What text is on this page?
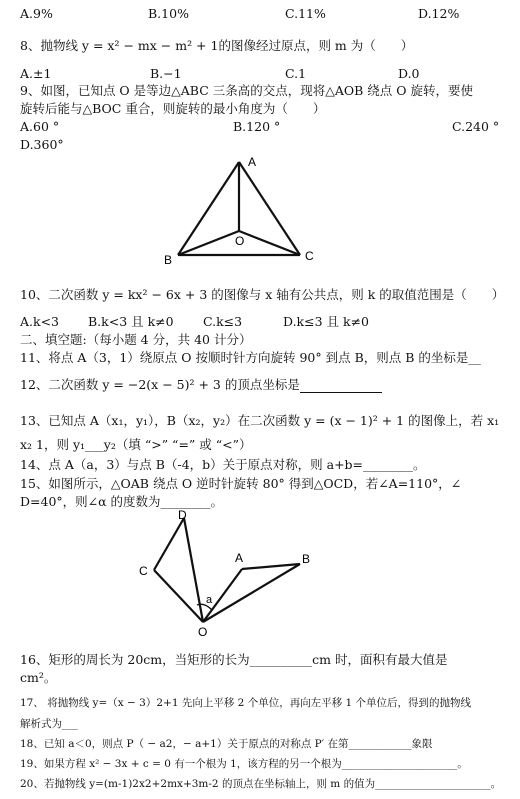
A.9%	B.10%	C.11%	D.12%
8、抛物线 y = x² − mx − m² + 1的图像经过原点，则 m 为（　　）
A.±1	B.−1	C.1	D.0
9、如图，已知点 O 是等边△ABC 三条高的交点，现将△AOB 绕点 O 旋转，要使
旋转后能与△BOC 重合，则旋转的最小角度为（　　）
A.60 °	B.120 °	C.240 °
D.360°
A
O
B	C
10、二次函数 y = kx² − 6x + 3 的图像与 x 轴有公共点，则 k 的取值范围是（　　）
A.k<3 B.k<3 且 k≠0 C.k≤3	D.k≤3 且 k≠0
二、填空题:（每小题 4 分，共 40 计分）
11、将点 A（3，1）绕原点 O 按顺时针方向旋转 90° 到点 B，则点 B 的坐标是__
12、二次函数 y = −2(x − 5)² + 3 的顶点坐标是
13、已知点 A（x₁，y₁），B（x₂，y₂）在二次函数 y = (x − 1)² + 1 的图像上，若 x₁
x₂ 1，则 y₁___y₂（填 “>” “=” 或 “<”）
14、点 A（a，3）与点 B（-4，b）关于原点对称，则 a+b=________。
15、如图所示，△OAB 绕点 O 逆时针旋转 80° 得到△OCD，若∠A=110°，∠
D=40°，则∠α 的度数为________。
D
C
A	B
a
O
16、矩形的周长为 20cm，当矩形的长为__________cm 时，面积有最大值是
cm²。
17、 将抛物线 y=（x − 3）2+1 先向上平移 2 个单位，再向左平移 1 个单位后，得到的抛物线
解析式为___
18、已知 a＜0，则点 P（ − a2，− a+1）关于原点的对称点 P′ 在第____________象限
19、如果方程 x² − 3x + c = 0 有一个根为 1，该方程的另一个根为______________________。
20、若抛物线 y=(m-1)2x2+2mx+3m-2 的顶点在坐标轴上，则 m 的值为______________________。
